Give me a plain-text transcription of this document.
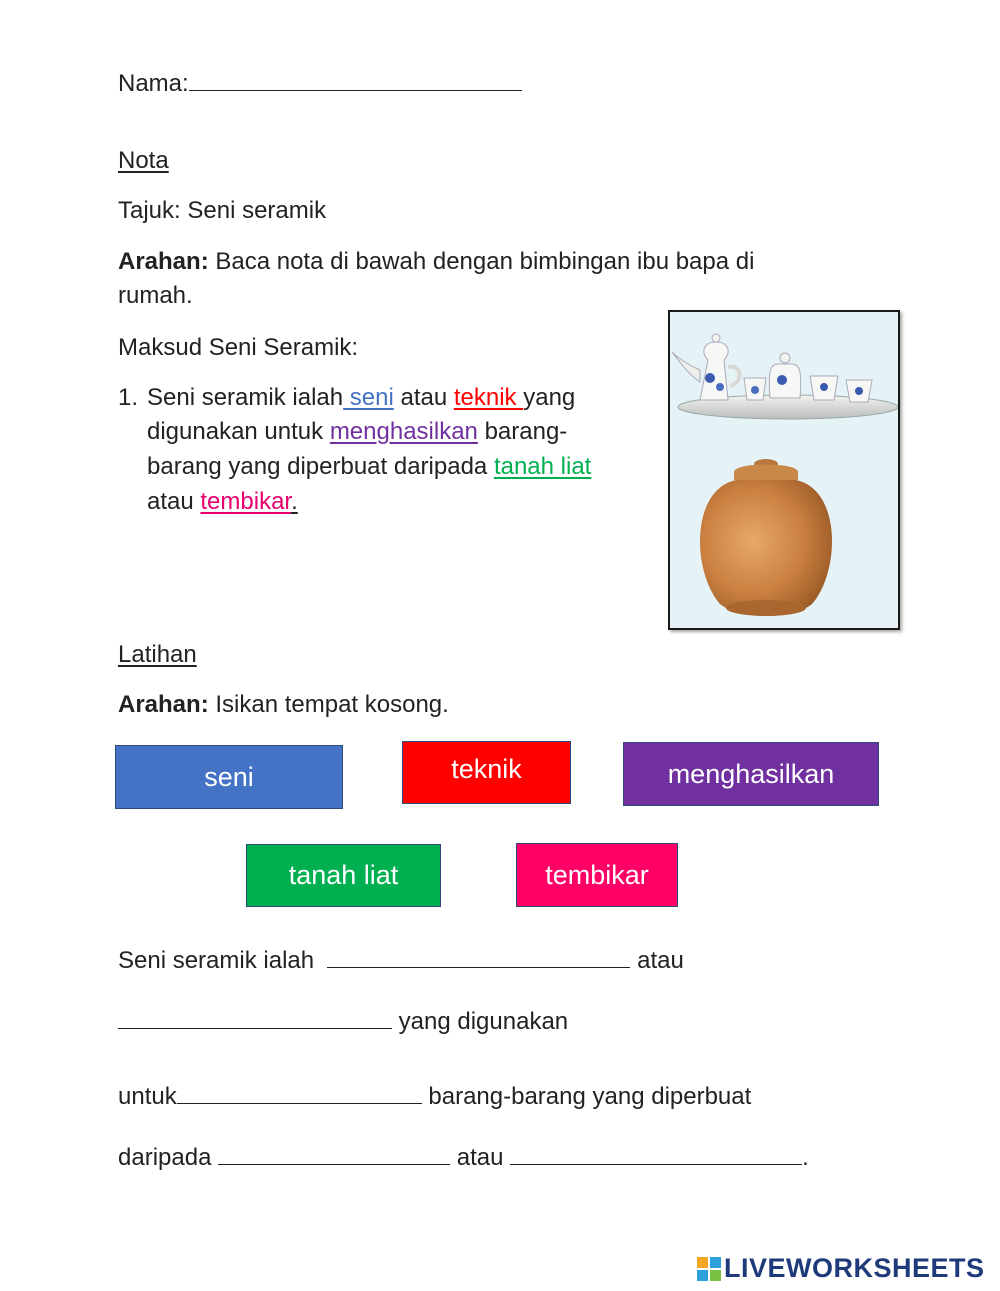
Nama:
Nota
Tajuk: Seni seramik
Arahan: Baca nota di bawah dengan bimbingan ibu bapa di
rumah.
Maksud Seni Seramik:
1. Seni seramik ialah seni atau teknik yang
digunakan untuk menghasilkan barang-
barang yang diperbuat daripada tanah liat
atau tembikar.
Latihan
Arahan: Isikan tempat kosong.
seni	teknik	menghasilkan
tanah liat	tembikar
Seni seramik ialah	atau
yang digunakan
untuk	barang-barang yang diperbuat
daripada	atau	.
LIVEWORKSHEETS
